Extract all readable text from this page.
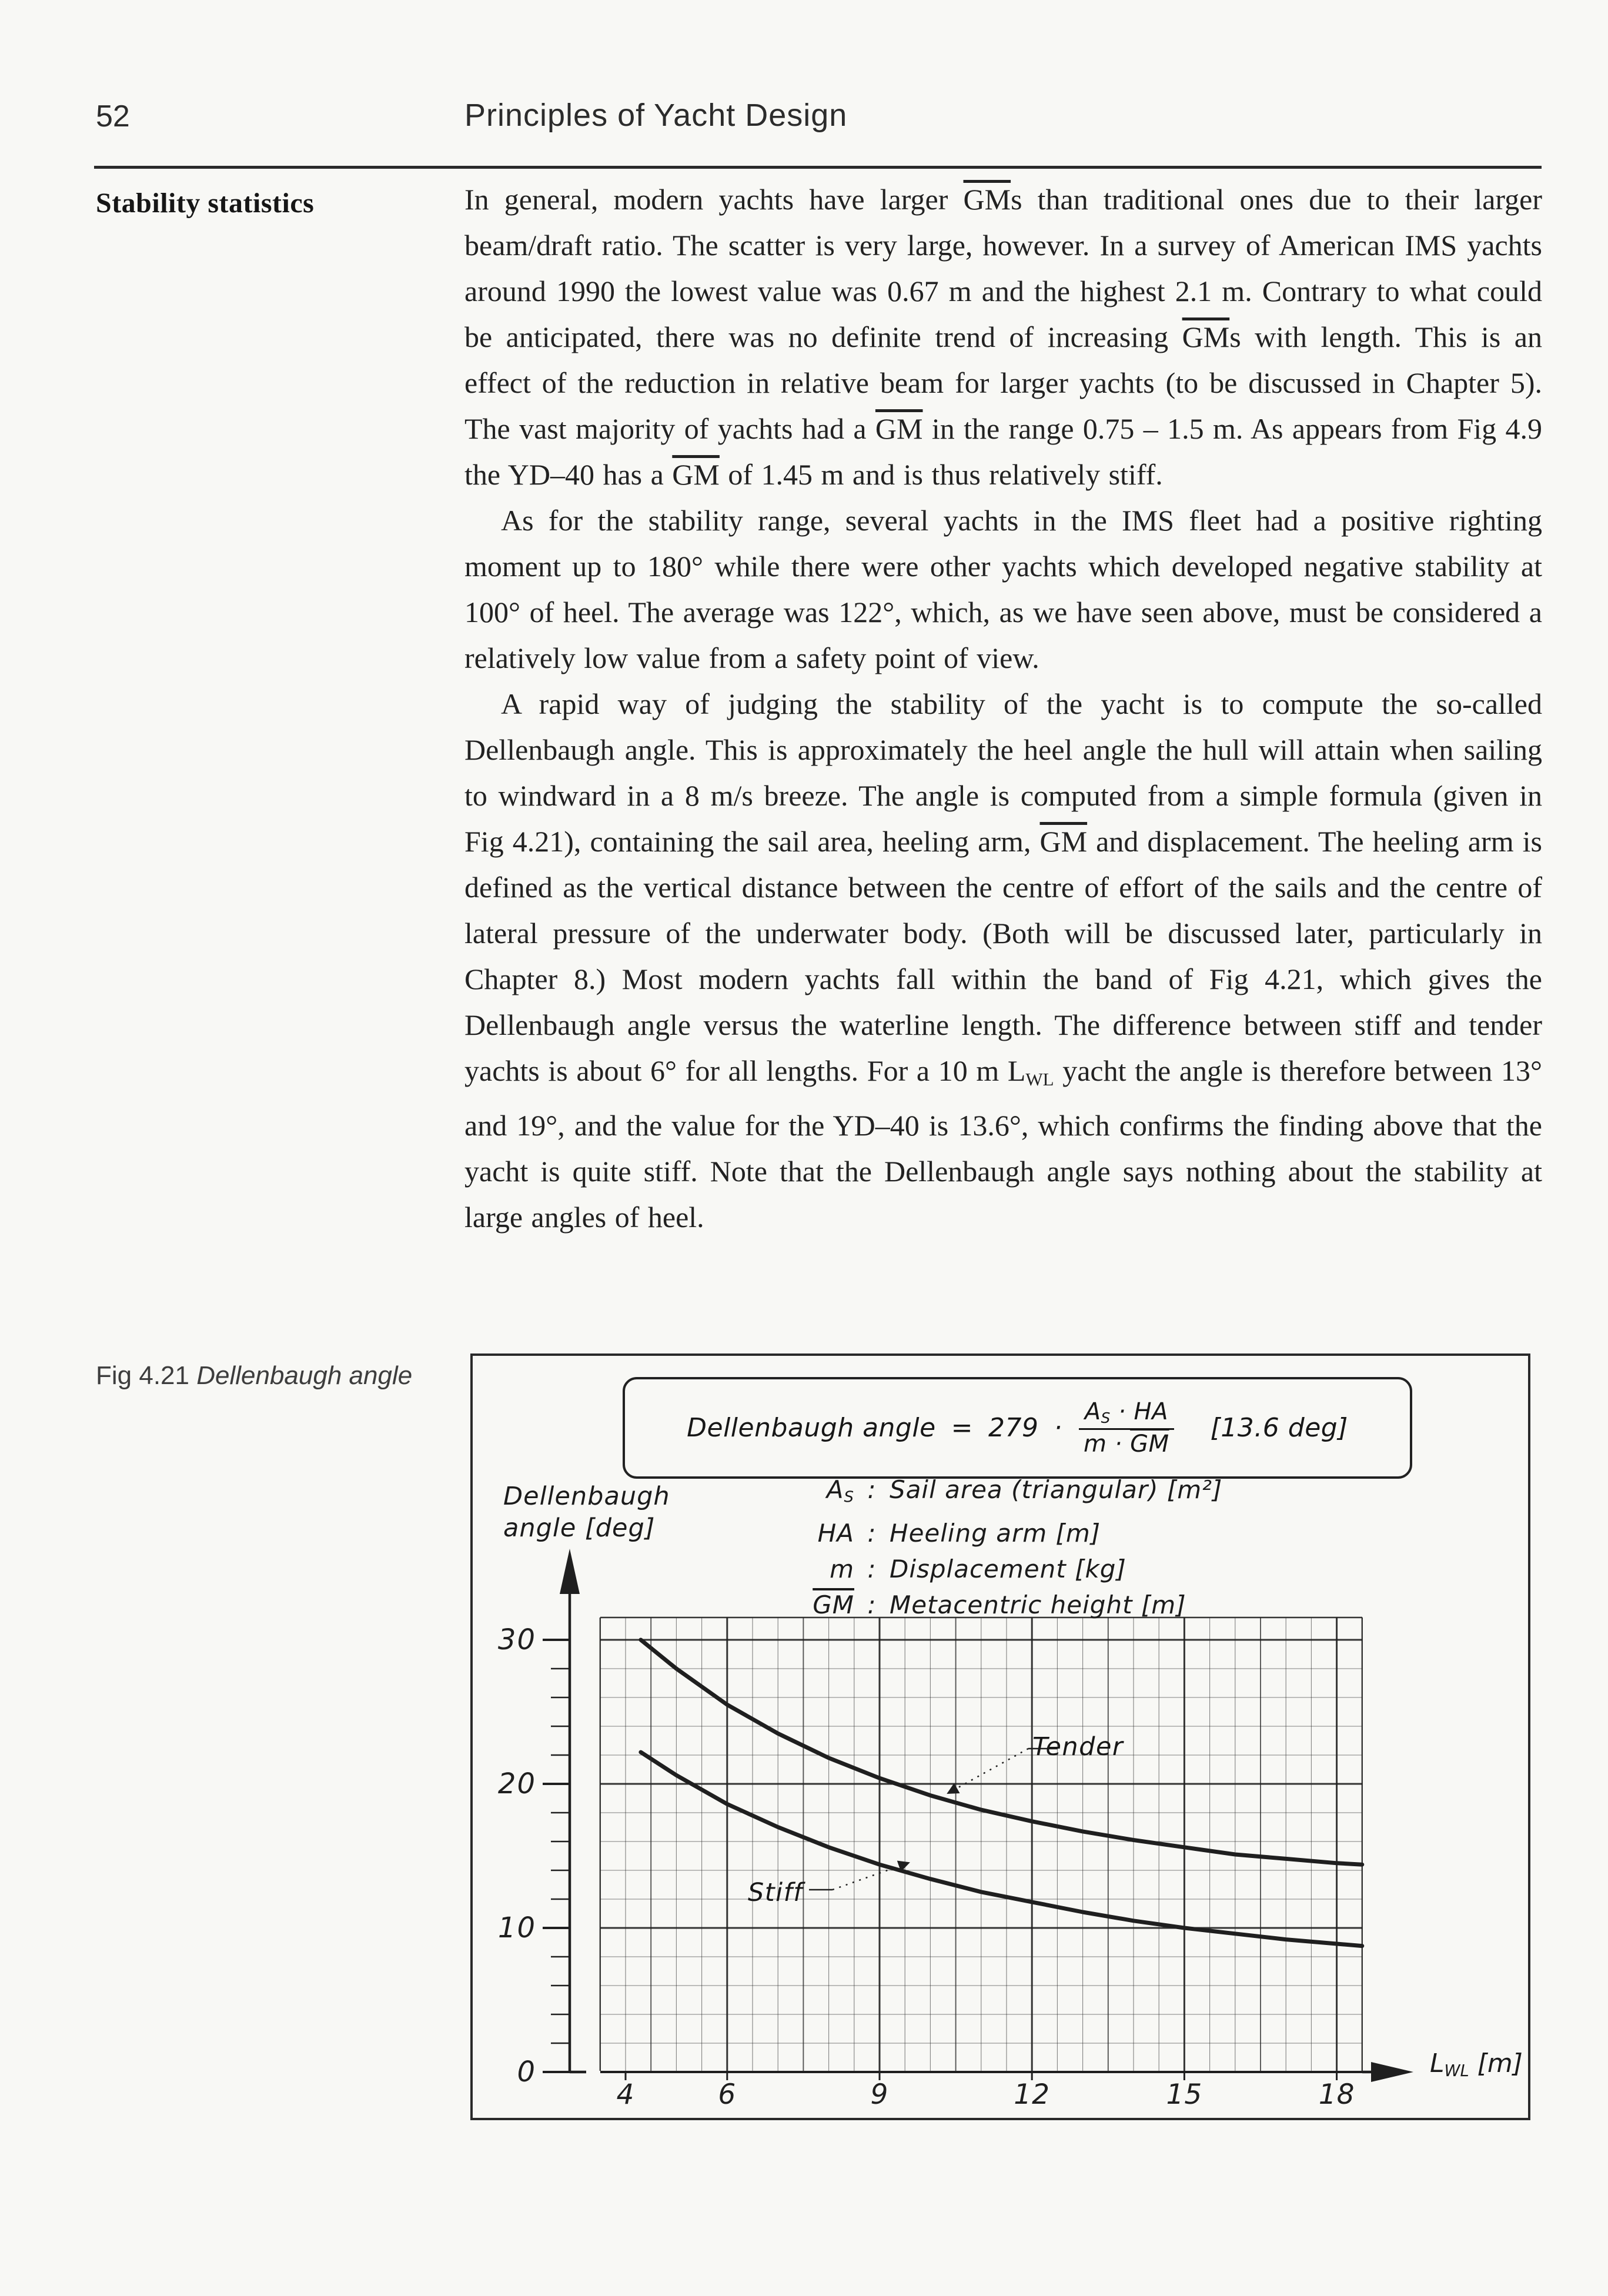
52	Principles of Yacht Design
Stability statistics	In general, modern yachts have larger $\overline{GM}s$ than traditional ones due to their larger beam/draft ratio. The scatter is very large, however. In a survey of American IMS yachts around 1990 the lowest value was 0.67 m and the highest 2.1 m. Contrary to what could be anticipated, there was no definite trend of increasing $\overline{GM}s$ with length. This is an effect of the reduction in relative beam for larger yachts (to be discussed in Chapter 5). The vast majority of yachts had a $\overline{GM}$ in the range 0.75 – 1.5 m. As appears from Fig 4.9 the YD–40 has a $\overline{GM}$ of 1.45 m and is thus relatively stiff.

As for the stability range, several yachts in the IMS fleet had a positive righting moment up to 180° while there were other yachts which developed negative stability at 100° of heel. The average was 122°, which, as we have seen above, must be considered a relatively low value from a safety point of view.

A rapid way of judging the stability of the yacht is to compute the so-called Dellenbaugh angle. This is approximately the heel angle the hull will attain when sailing to windward in a 8 m/s breeze. The angle is computed from a simple formula (given in Fig 4.21), containing the sail area, heeling arm, $\overline{GM}$ and displacement. The heeling arm is defined as the vertical distance between the centre of effort of the sails and the centre of lateral pressure of the underwater body. (Both will be discussed later, particularly in Chapter 8.) Most modern yachts fall within the band of Fig 4.21, which gives the Dellenbaugh angle versus the waterline length. The difference between stiff and tender yachts is about 6° for all lengths. For a 10 m $L_{WL}$ yacht the angle is therefore between 13° and 19°, and the value for the YD–40 is 13.6°, which confirms the finding above that the yacht is quite stiff. Note that the Dellenbaugh angle says nothing about the stability at large angles of heel.

Fig 4.21 Dellenbaugh angle
0
10
20
30
4	6	9	12	15	18
Dellenbaugh angle = $279 \cdot \frac{A_S \cdot HA}{m \cdot \overline{GM}} [13.6$ deg]
$A_S$ : Sail area (triangular) [m²]
HA : Heeling arm [m]
m : Displacement [kg]
$\overline{GM}$ : Metacentric height [m]
Dellenbaugh
angle [deg]
$L_{WL}$ [m]
Tender
Stiff
